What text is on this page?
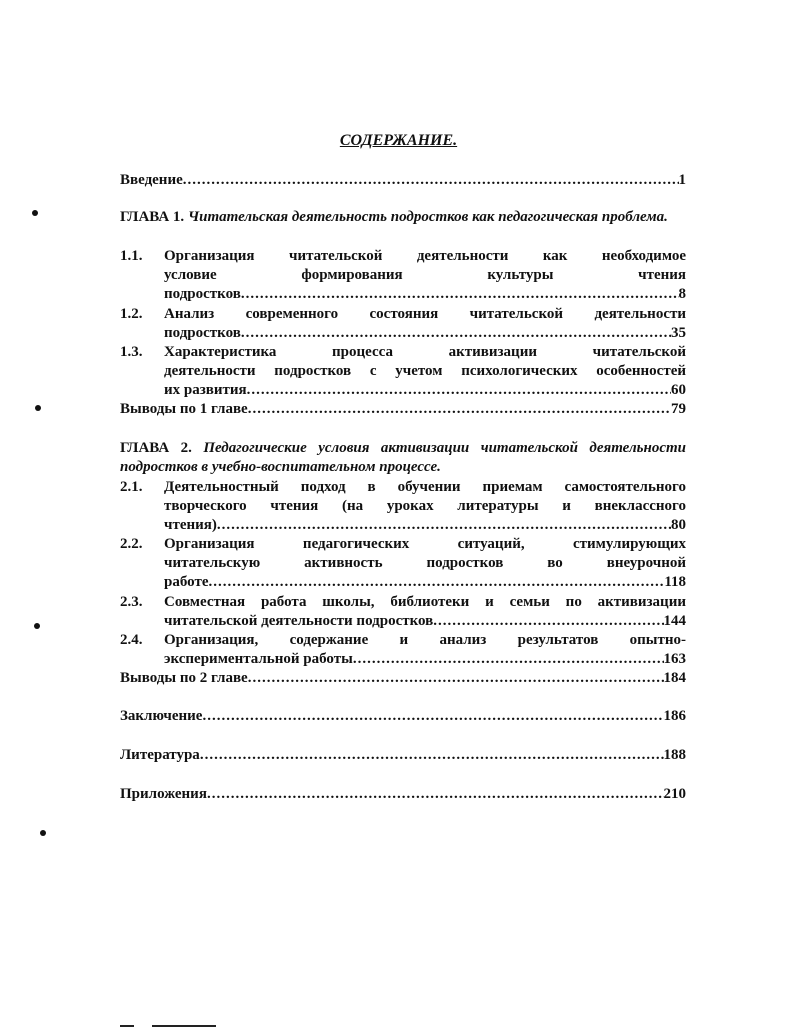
СОДЕРЖАНИЕ.
Введение .....	1
ГЛАВА 1. Читательская деятельность подростков как педагогическая проблема.
1.1.	Организация читательской деятельности как необходимое
условие формирования культуры чтения
подростков .....	8
1.2.	Анализ современного состояния читательской деятельности
подростков .....	35
1.3.	Характеристика процесса активизации читательской
деятельности подростков с учетом психологических особенностей
их развития .....	60
Выводы по 1 главе .....	79
ГЛАВА 2. Педагогические условия активизации читательской деятельности подростков в учебно-воспитательном процессе.
2.1.	Деятельностный подход в обучении приемам самостоятельного
творческого чтения (на уроках литературы и внеклассного
чтения) .....	80
2.2.	Организация педагогических ситуаций, стимулирующих
читательскую активность подростков во внеурочной
работе .....	118
2.3.	Совместная работа школы, библиотеки и семьи по активизации
читательской деятельности подростков .....	144
2.4.	Организация, содержание и анализ результатов опытно-
экспериментальной работы .....	163
Выводы по 2 главе .....	184
Заключение .....	186
Литература .....	188
Приложения .....	210
